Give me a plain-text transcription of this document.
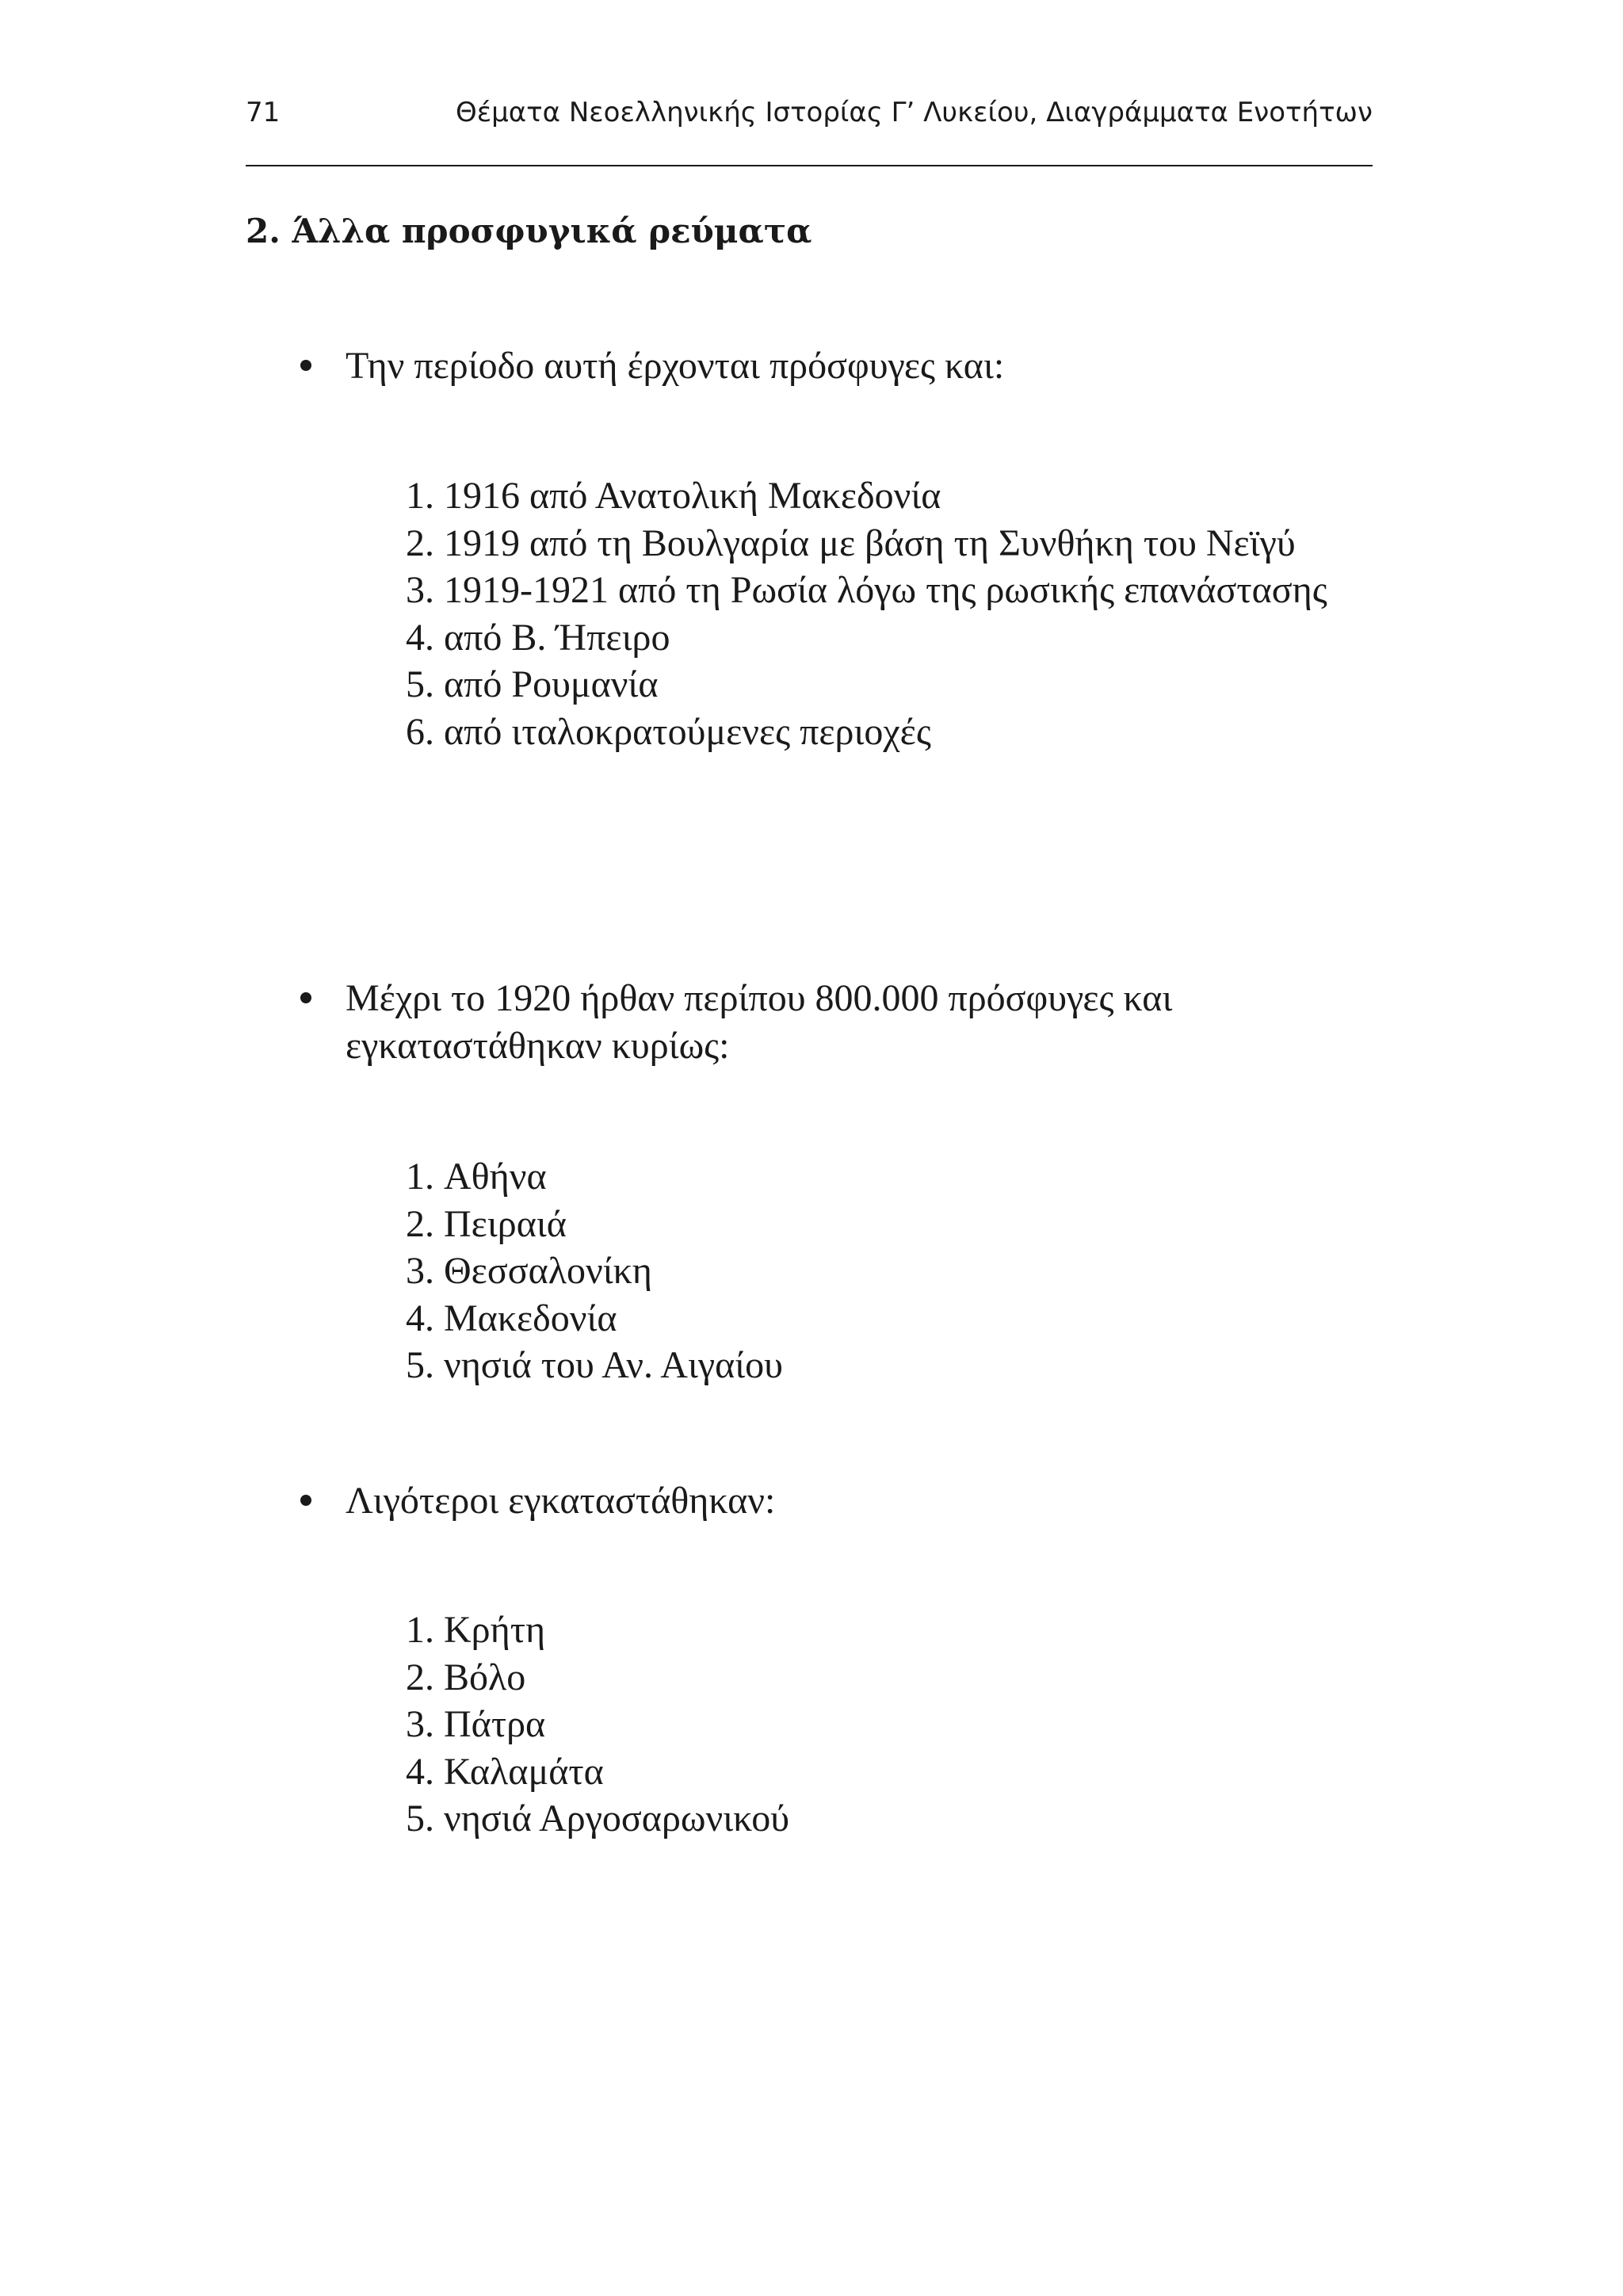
71	Θέματα Νεοελληνικής Ιστορίας Γ’ Λυκείου, Διαγράμματα Ενοτήτων
2. Άλλα προσφυγικά ρεύματα

Την περίοδο αυτή έρχονται πρόσφυγες και:

1. 1916 από Ανατολική Μακεδονία
2. 1919 από τη Βουλγαρία με βάση τη Συνθήκη του Νεϊγύ
3. 1919-1921 από τη Ρωσία λόγω της ρωσικής επανάστασης
4. από Β. Ήπειρο
5. από Ρουμανία
6. από ιταλοκρατούμενες περιοχές

Μέχρι το 1920 ήρθαν περίπου 800.000 πρόσφυγες και εγκαταστάθηκαν κυρίως:

1. Αθήνα
2. Πειραιά
3. Θεσσαλονίκη
4. Μακεδονία
5. νησιά του Αν. Αιγαίου

Λιγότεροι εγκαταστάθηκαν:

1. Κρήτη
2. Βόλο
3. Πάτρα
4. Καλαμάτα
5. νησιά Αργοσαρωνικού
